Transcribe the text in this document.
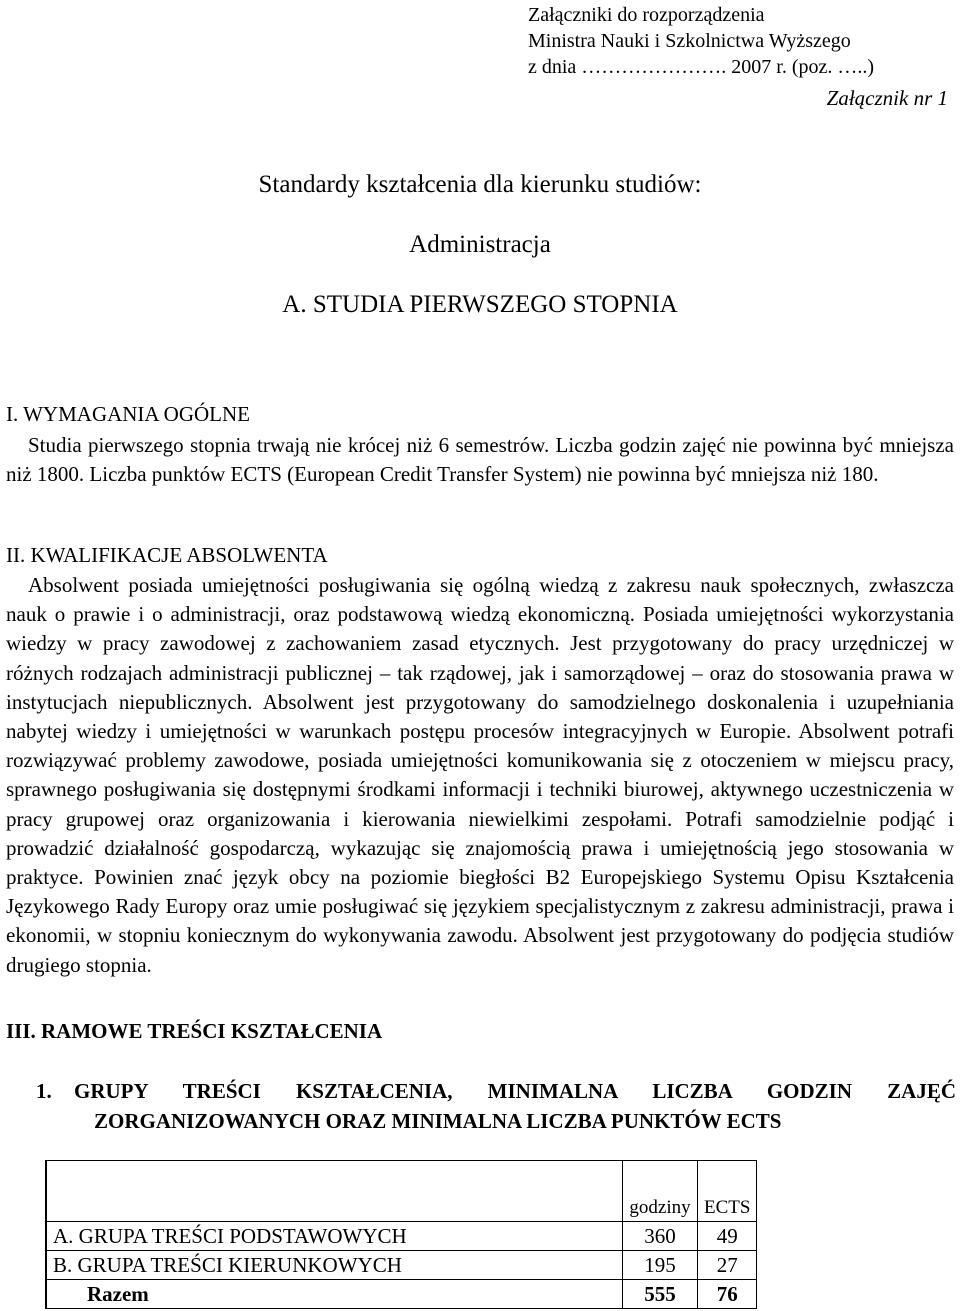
Załączniki do rozporządzenia
Ministra Nauki i Szkolnictwa Wyższego
z dnia …………………. 2007 r. (poz. …..)
Załącznik nr 1
Standardy kształcenia dla kierunku studiów:
Administracja
A. STUDIA PIERWSZEGO STOPNIA
I. WYMAGANIA OGÓLNE

Studia pierwszego stopnia trwają nie krócej niż 6 semestrów. Liczba godzin zajęć nie powinna być mniejsza niż 1800. Liczba punktów ECTS (European Credit Transfer System) nie powinna być mniejsza niż 180.

II. KWALIFIKACJE ABSOLWENTA

Absolwent posiada umiejętności posługiwania się ogólną wiedzą z zakresu nauk społecznych, zwłaszcza nauk o prawie i o administracji, oraz podstawową wiedzą ekonomiczną. Posiada umiejętności wykorzystania wiedzy w pracy zawodowej z zachowaniem zasad etycznych. Jest przygotowany do pracy urzędniczej w różnych rodzajach administracji publicznej – tak rządowej, jak i samorządowej – oraz do stosowania prawa w instytucjach niepublicznych. Absolwent jest przygotowany do samodzielnego doskonalenia i uzupełniania nabytej wiedzy i umiejętności w warunkach postępu procesów integracyjnych w Europie. Absolwent potrafi rozwiązywać problemy zawodowe, posiada umiejętności komunikowania się z otoczeniem w miejscu pracy, sprawnego posługiwania się dostępnymi środkami informacji i techniki biurowej, aktywnego uczestniczenia w pracy grupowej oraz organizowania i kierowania niewielkimi zespołami. Potrafi samodzielnie podjąć i prowadzić działalność gospodarczą, wykazując się znajomością prawa i umiejętnością jego stosowania w praktyce. Powinien znać język obcy na poziomie biegłości B2 Europejskiego Systemu Opisu Kształcenia Językowego Rady Europy oraz umie posługiwać się językiem specjalistycznym z zakresu administracji, prawa i ekonomii, w stopniu koniecznym do wykonywania zawodu. Absolwent jest przygotowany do podjęcia studiów drugiego stopnia.

III. RAMOWE TREŚCI KSZTAŁCENIA
1. GRUPY TREŚCI KSZTAŁCENIA, MINIMALNA LICZBA GODZIN ZAJĘĆ
ZORGANIZOWANYCH ORAZ MINIMALNA LICZBA PUNKTÓW ECTS
		godziny	ECTS
	A. GRUPA TREŚCI PODSTAWOWYCH	360	49
	B. GRUPA TREŚCI KIERUNKOWYCH	195	27
	Razem	555	76
